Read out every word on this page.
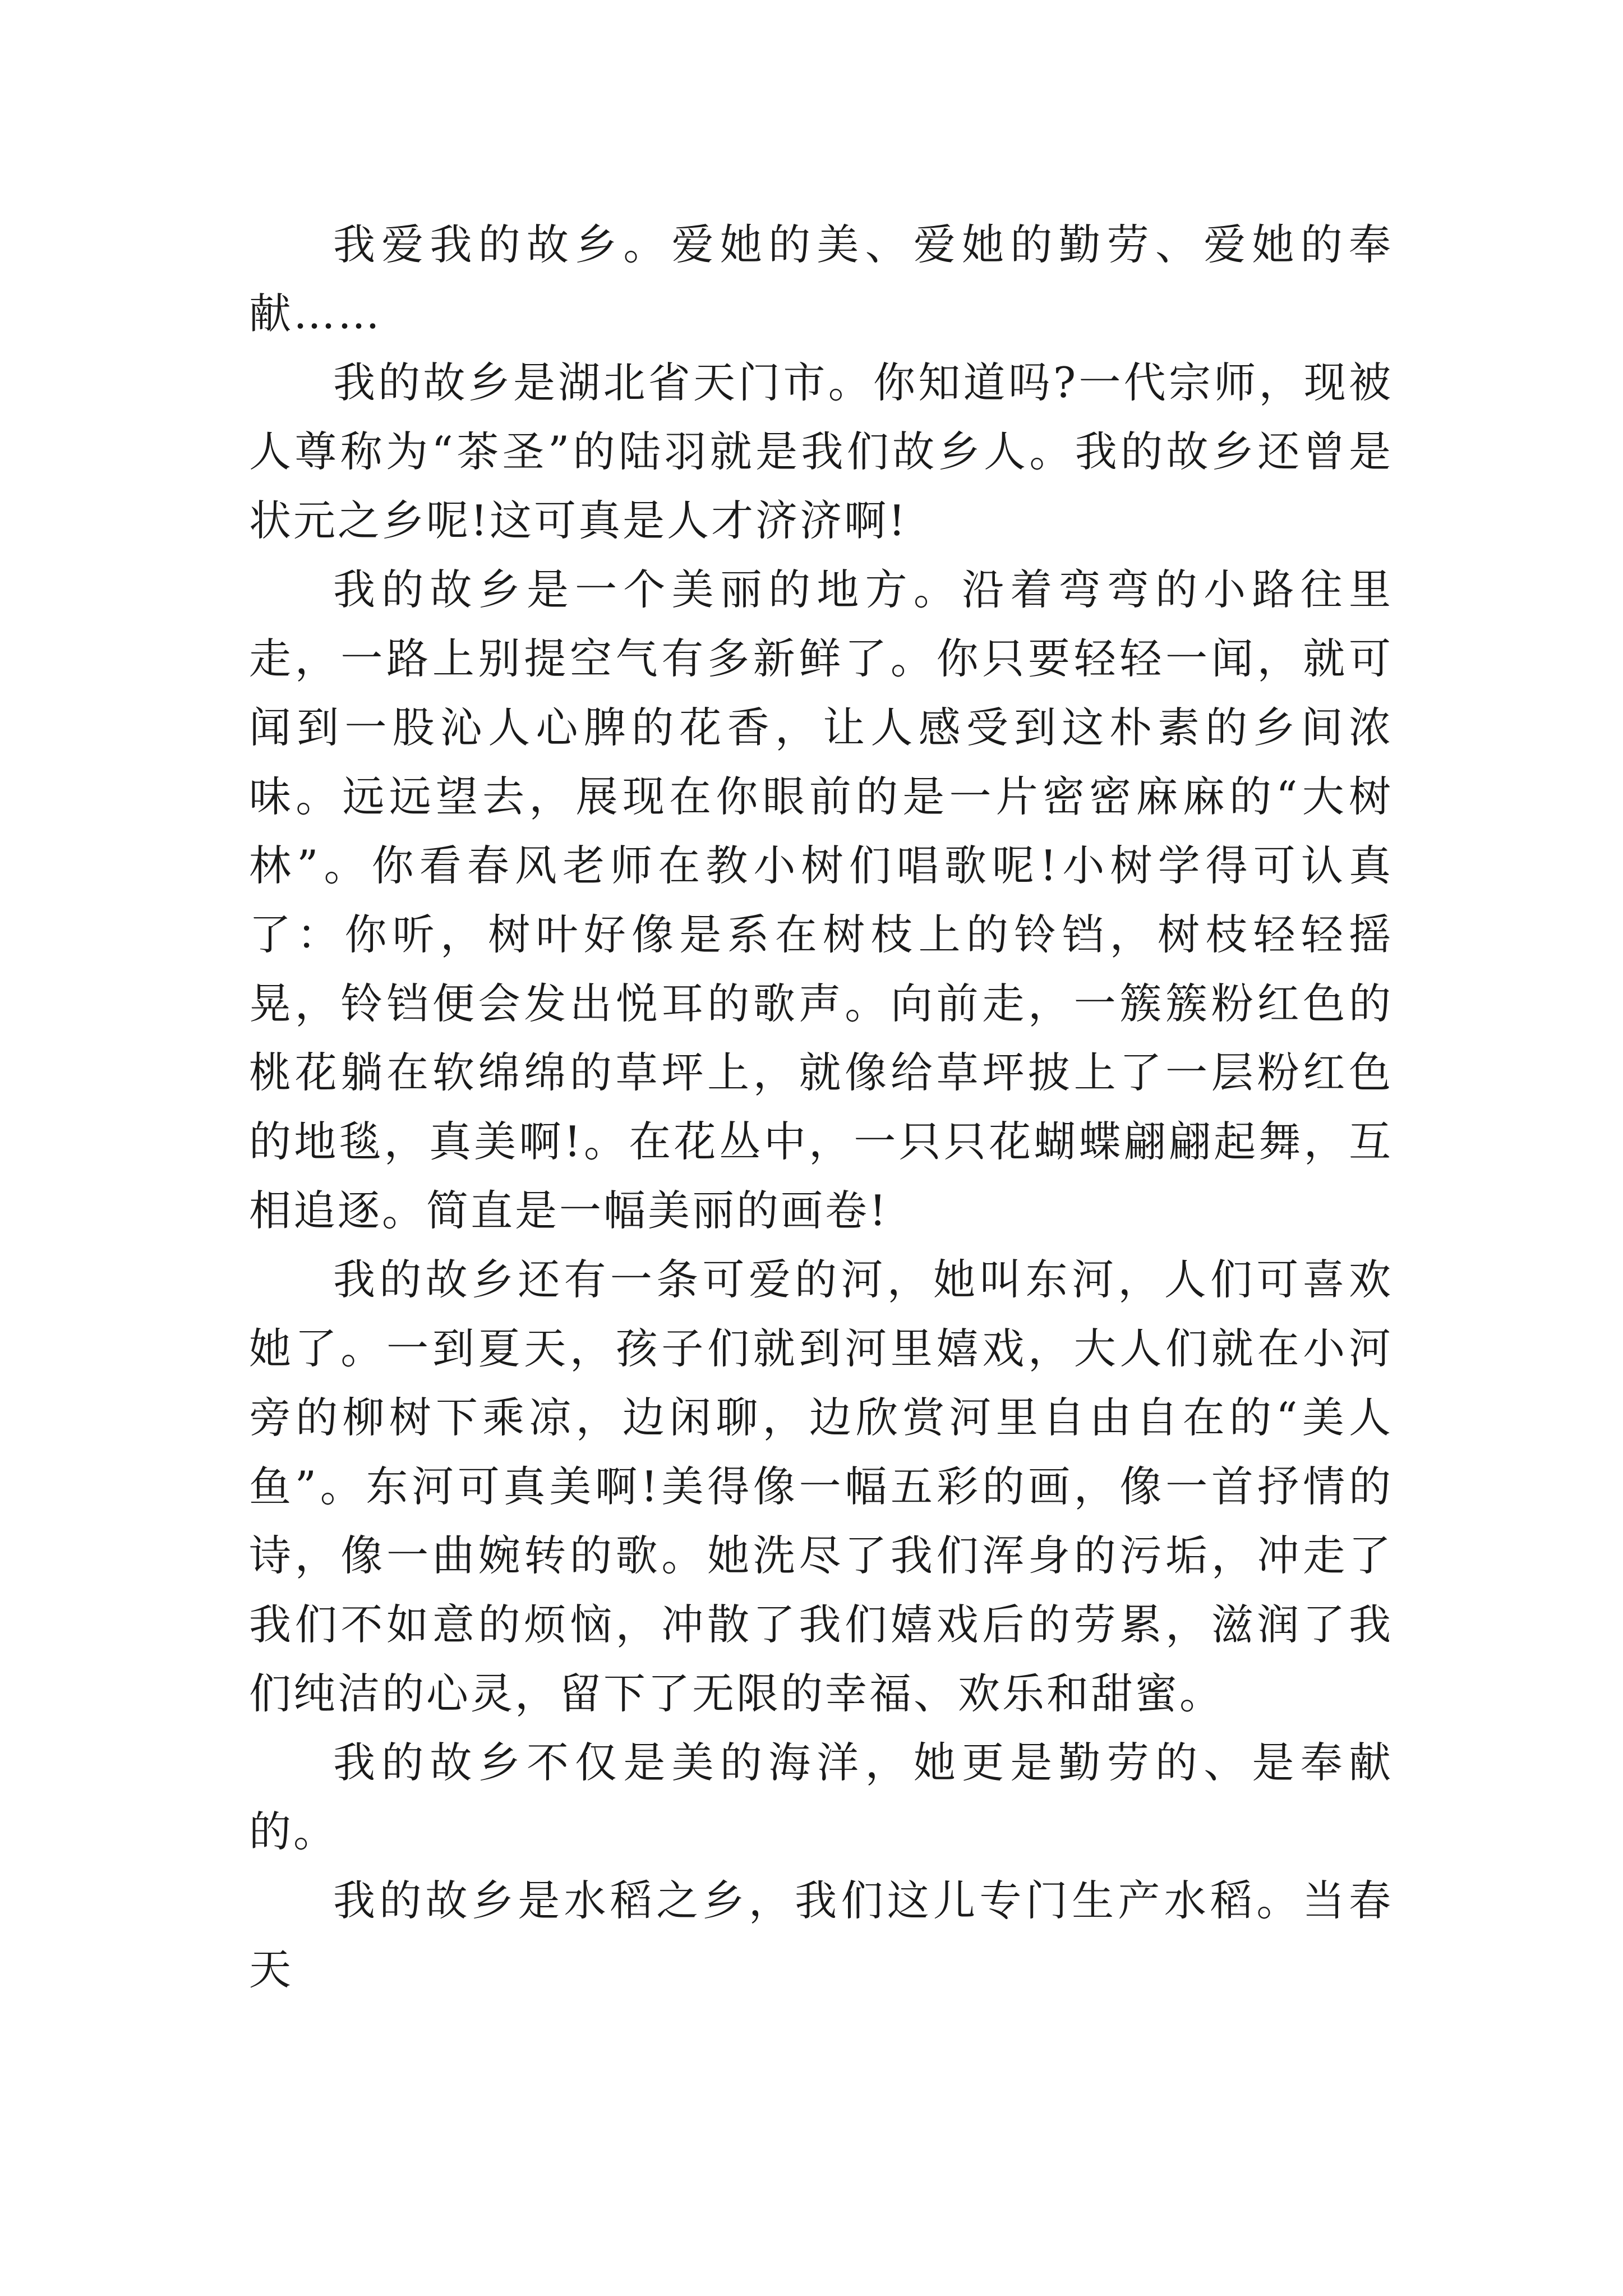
我爱我的故乡。爱她的美、爱她的勤劳、爱她的奉献……

我的故乡是湖北省天门市。你知道吗?一代宗师，现被人尊称为“茶圣”的陆羽就是我们故乡人。我的故乡还曾是状元之乡呢!这可真是人才济济啊!

我的故乡是一个美丽的地方。沿着弯弯的小路往里走，一路上别提空气有多新鲜了。你只要轻轻一闻，就可闻到一股沁人心脾的花香，让人感受到这朴素的乡间浓味。远远望去，展现在你眼前的是一片密密麻麻的“大树林”。你看春风老师在教小树们唱歌呢!小树学得可认真了：你听，树叶好像是系在树枝上的铃铛，树枝轻轻摇晃，铃铛便会发出悦耳的歌声。向前走，一簇簇粉红色的桃花躺在软绵绵的草坪上，就像给草坪披上了一层粉红色的地毯，真美啊!。在花丛中，一只只花蝴蝶翩翩起舞，互相追逐。简直是一幅美丽的画卷!

我的故乡还有一条可爱的河，她叫东河，人们可喜欢她了。一到夏天，孩子们就到河里嬉戏，大人们就在小河旁的柳树下乘凉，边闲聊，边欣赏河里自由自在的“美人鱼”。东河可真美啊!美得像一幅五彩的画，像一首抒情的诗，像一曲婉转的歌。她洗尽了我们浑身的污垢，冲走了我们不如意的烦恼，冲散了我们嬉戏后的劳累，滋润了我们纯洁的心灵，留下了无限的幸福、欢乐和甜蜜。

我的故乡不仅是美的海洋，她更是勤劳的、是奉献的。

我的故乡是水稻之乡，我们这儿专门生产水稻。当春天
